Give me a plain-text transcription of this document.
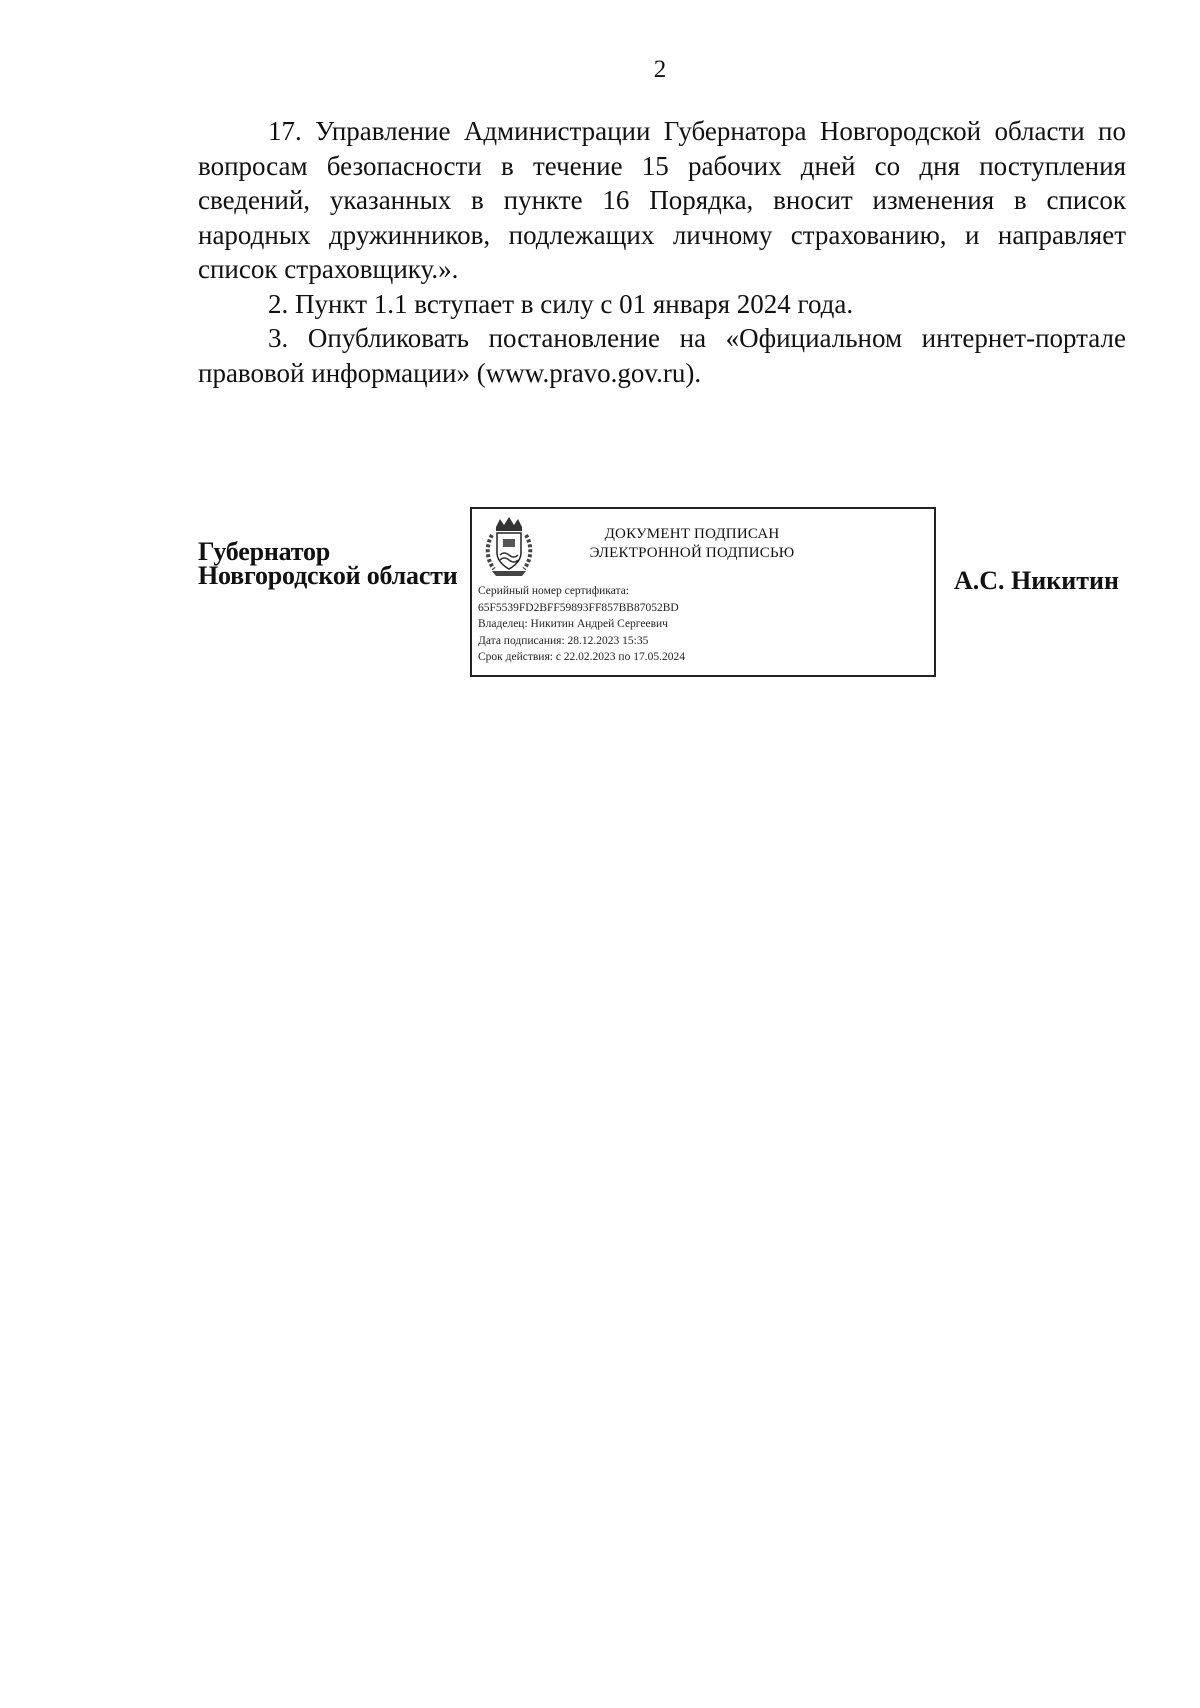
2

17. Управление Администрации Губернатора Новгородской области по вопросам безопасности в течение 15 рабочих дней со дня поступления сведений, указанных в пункте 16 Порядка, вносит изменения в список народных дружинников, подлежащих личному страхованию, и направляет список страховщику.».

2. Пункт 1.1 вступает в силу с 01 января 2024 года.

3. Опубликовать постановление на «Официальном интернет-портале правовой информации» (www.pravo.gov.ru).

Губернатор
Новгородской области
ДОКУМЕНТ ПОДПИСАН
ЭЛЕКТРОННОЙ ПОДПИСЬЮ
Серийный номер сертификата:
65F5539FD2BFF59893FF857BB87052BD
Владелец: Никитин Андрей Сергеевич
Дата подписания: 28.12.2023 15:35
Срок действия: с 22.02.2023 по 17.05.2024
А.С. Никитин
